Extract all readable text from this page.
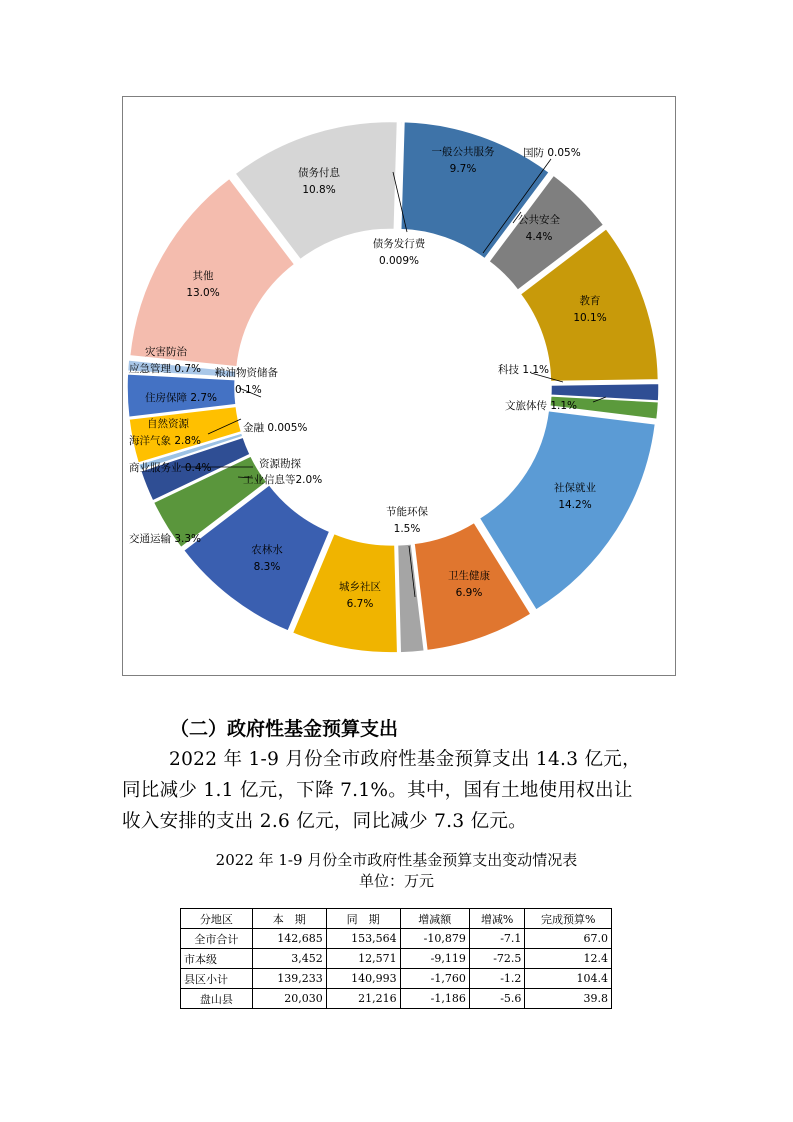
一般公共服务
9.7%
国防 0.05%
公共安全
4.4%
教育
10.1%
科技 1.1%
文旅体传 1.1%
社保就业
14.2%
卫生健康
6.9%
节能环保
1.5%
城乡社区
6.7%
农林水
8.3%
交通运输 3.3%
资源勘探
工业信息等2.0%
商业服务业 0.4%
金融 0.005%
自然资源
海洋气象 2.8%
住房保障 2.7%
粮油物资储备
0.1%
灾害防治
应急管理 0.7%
其他
13.0%
债务付息
10.8%
债务发行费
0.009%
（二）政府性基金预算支出
2022 年 1-9 月份全市政府性基金预算支出 14.3 亿元，
同比减少 1.1 亿元，下降 7.1%。其中，国有土地使用权出让
收入安排的支出 2.6 亿元，同比减少 7.3 亿元。
2022 年 1-9 月份全市政府性基金预算支出变动情况表
单位：万元
分地区	本　期	同　期	增减额	增减%	完成预算%
全市合计	142,685	153,564	-10,879	-7.1	67.0
市本级	3,452	12,571	-9,119	-72.5	12.4
县区小计	139,233	140,993	-1,760	-1.2	104.4
盘山县	20,030	21,216	-1,186	-5.6	39.8
